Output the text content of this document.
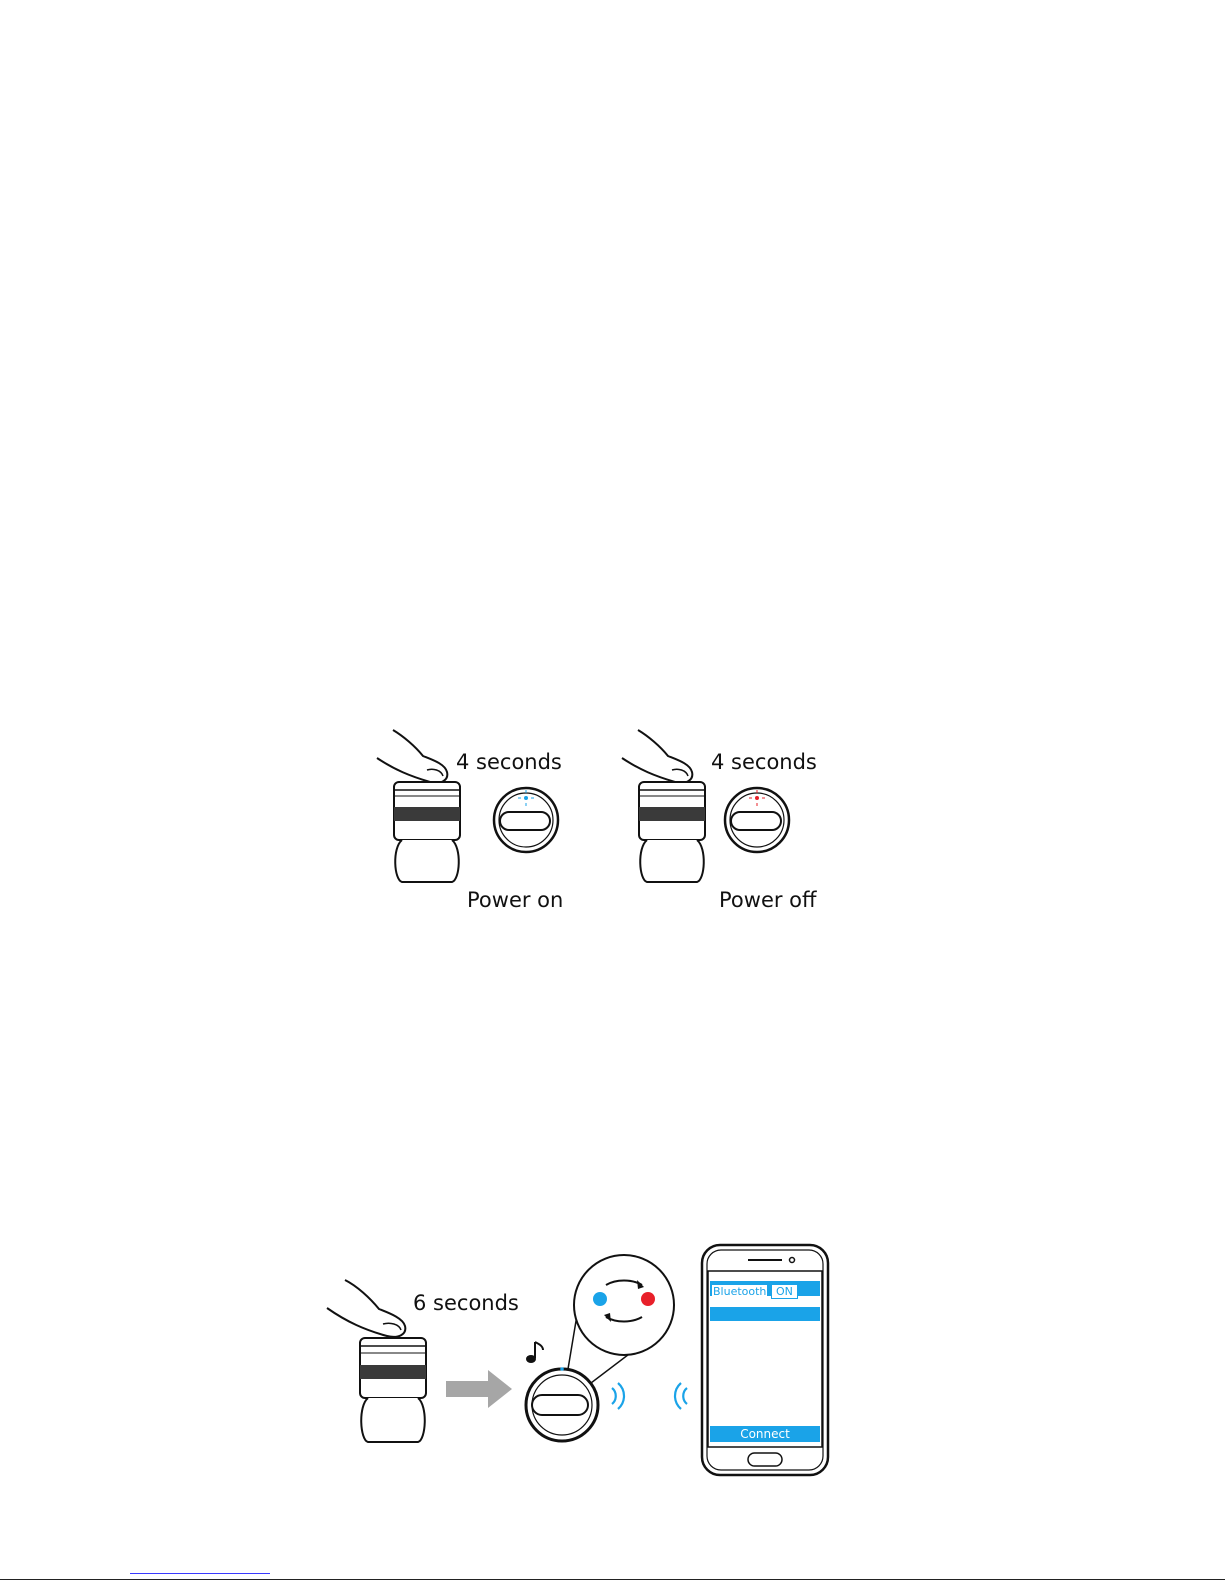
4 seconds
Power on
4 seconds
Power off
6 seconds	Bluetooth ON
Connect
